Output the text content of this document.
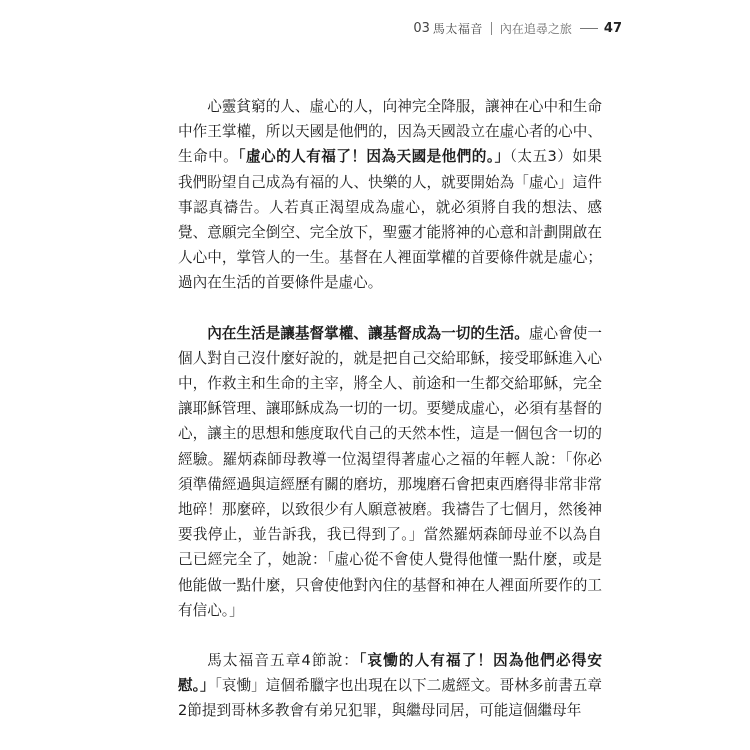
03 馬太福音 內在追尋之旅 47

心靈貧窮的人、虛心的人，向神完全降服，讓神在心中和生命中作王掌權，所以天國是他們的，因為天國設立在虛心者的心中、生命中。「虛心的人有福了！因為天國是他們的。」（太五3）如果我們盼望自己成為有福的人、快樂的人，就要開始為「虛心」這件事認真禱告。人若真正渴望成為虛心，就必須將自我的想法、感覺、意願完全倒空、完全放下，聖靈才能將神的心意和計劃開啟在人心中，掌管人的一生。基督在人裡面掌權的首要條件就是虛心；過內在生活的首要條件是虛心。

內在生活是讓基督掌權、讓基督成為一切的生活。虛心會使一個人對自己沒什麼好說的，就是把自己交給耶穌，接受耶穌進入心中，作救主和生命的主宰，將全人、前途和一生都交給耶穌，完全讓耶穌管理、讓耶穌成為一切的一切。要變成虛心，必須有基督的心，讓主的思想和態度取代自己的天然本性，這是一個包含一切的經驗。羅炳森師母教導一位渴望得著虛心之福的年輕人說：「你必須準備經過與這經歷有關的磨坊，那塊磨石會把東西磨得非常非常地碎！那麼碎，以致很少有人願意被磨。我禱告了七個月，然後神要我停止，並告訴我，我已得到了。」當然羅炳森師母並不以為自己已經完全了，她說：「虛心從不會使人覺得他懂一點什麼，或是他能做一點什麼，只會使他對內住的基督和神在人裡面所要作的工有信心。」

馬太福音五章4節說：「哀慟的人有福了！因為他們必得安慰。」「哀慟」這個希臘字也出現在以下二處經文。哥林多前書五章2節提到哥林多教會有弟兄犯罪，與繼母同居，可能這個繼母年
